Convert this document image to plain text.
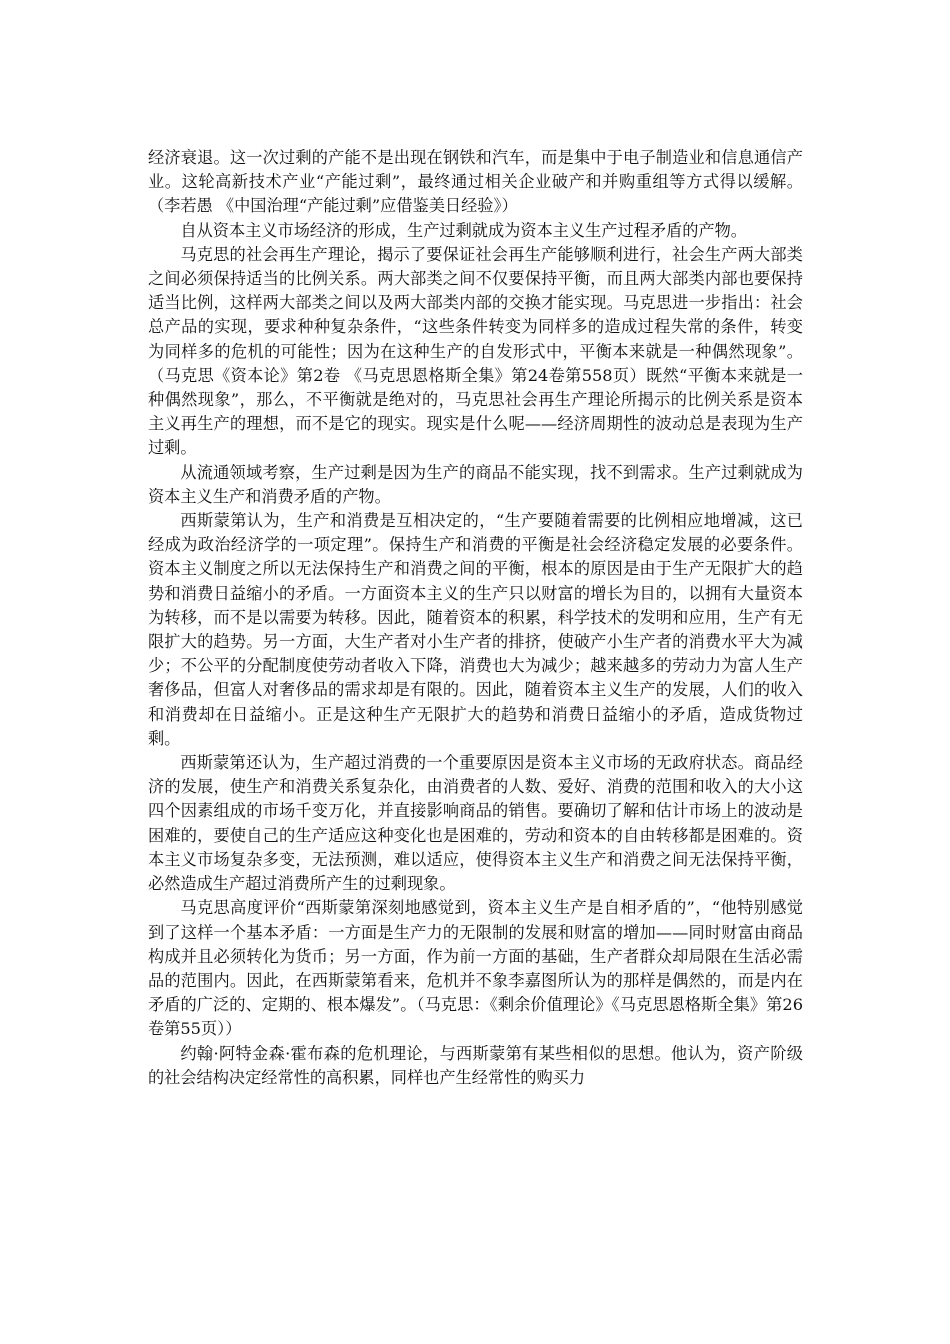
经济衰退。这一次过剩的产能不是出现在钢铁和汽车，而是集中于电子制造业和信息通信产业。这轮高新技术产业“产能过剩”，最终通过相关企业破产和并购重组等方式得以缓解。（李若愚 《中国治理“产能过剩”应借鉴美日经验》）

自从资本主义市场经济的形成，生产过剩就成为资本主义生产过程矛盾的产物。

马克思的社会再生产理论，揭示了要保证社会再生产能够顺利进行，社会生产两大部类之间必须保持适当的比例关系。两大部类之间不仅要保持平衡，而且两大部类内部也要保持适当比例，这样两大部类之间以及两大部类内部的交换才能实现。马克思进一步指出：社会总产品的实现，要求种种复杂条件，“这些条件转变为同样多的造成过程失常的条件，转变为同样多的危机的可能性；因为在这种生产的自发形式中，平衡本来就是一种偶然现象”。（马克思《资本论》第2卷 《马克思恩格斯全集》第24卷第558页）既然“平衡本来就是一种偶然现象”，那么，不平衡就是绝对的，马克思社会再生产理论所揭示的比例关系是资本主义再生产的理想，而不是它的现实。现实是什么呢——经济周期性的波动总是表现为生产过剩。

从流通领域考察，生产过剩是因为生产的商品不能实现，找不到需求。生产过剩就成为资本主义生产和消费矛盾的产物。

西斯蒙第认为，生产和消费是互相决定的，“生产要随着需要的比例相应地增减，这已经成为政治经济学的一项定理”。保持生产和消费的平衡是社会经济稳定发展的必要条件。资本主义制度之所以无法保持生产和消费之间的平衡，根本的原因是由于生产无限扩大的趋势和消费日益缩小的矛盾。一方面资本主义的生产只以财富的增长为目的，以拥有大量资本为转移，而不是以需要为转移。因此，随着资本的积累，科学技术的发明和应用，生产有无限扩大的趋势。另一方面，大生产者对小生产者的排挤，使破产小生产者的消费水平大为减少；不公平的分配制度使劳动者收入下降，消费也大为减少；越来越多的劳动力为富人生产奢侈品，但富人对奢侈品的需求却是有限的。因此，随着资本主义生产的发展，人们的收入和消费却在日益缩小。正是这种生产无限扩大的趋势和消费日益缩小的矛盾，造成货物过剩。

西斯蒙第还认为，生产超过消费的一个重要原因是资本主义市场的无政府状态。商品经济的发展，使生产和消费关系复杂化，由消费者的人数、爱好、消费的范围和收入的大小这四个因素组成的市场千变万化，并直接影响商品的销售。要确切了解和估计市场上的波动是困难的，要使自己的生产适应这种变化也是困难的，劳动和资本的自由转移都是困难的。资本主义市场复杂多变，无法预测，难以适应，使得资本主义生产和消费之间无法保持平衡，必然造成生产超过消费所产生的过剩现象。

马克思高度评价“西斯蒙第深刻地感觉到，资本主义生产是自相矛盾的”，“他特别感觉到了这样一个基本矛盾：一方面是生产力的无限制的发展和财富的增加——同时财富由商品构成并且必须转化为货币；另一方面，作为前一方面的基础，生产者群众却局限在生活必需品的范围内。因此，在西斯蒙第看来，危机并不象李嘉图所认为的那样是偶然的，而是内在矛盾的广泛的、定期的、根本爆发”。（马克思：《剩余价值理论》《马克思恩格斯全集》第26卷第55页））

约翰·阿特金森·霍布森的危机理论，与西斯蒙第有某些相似的思想。他认为，资产阶级的社会结构决定经常性的高积累，同样也产生经常性的购买力
